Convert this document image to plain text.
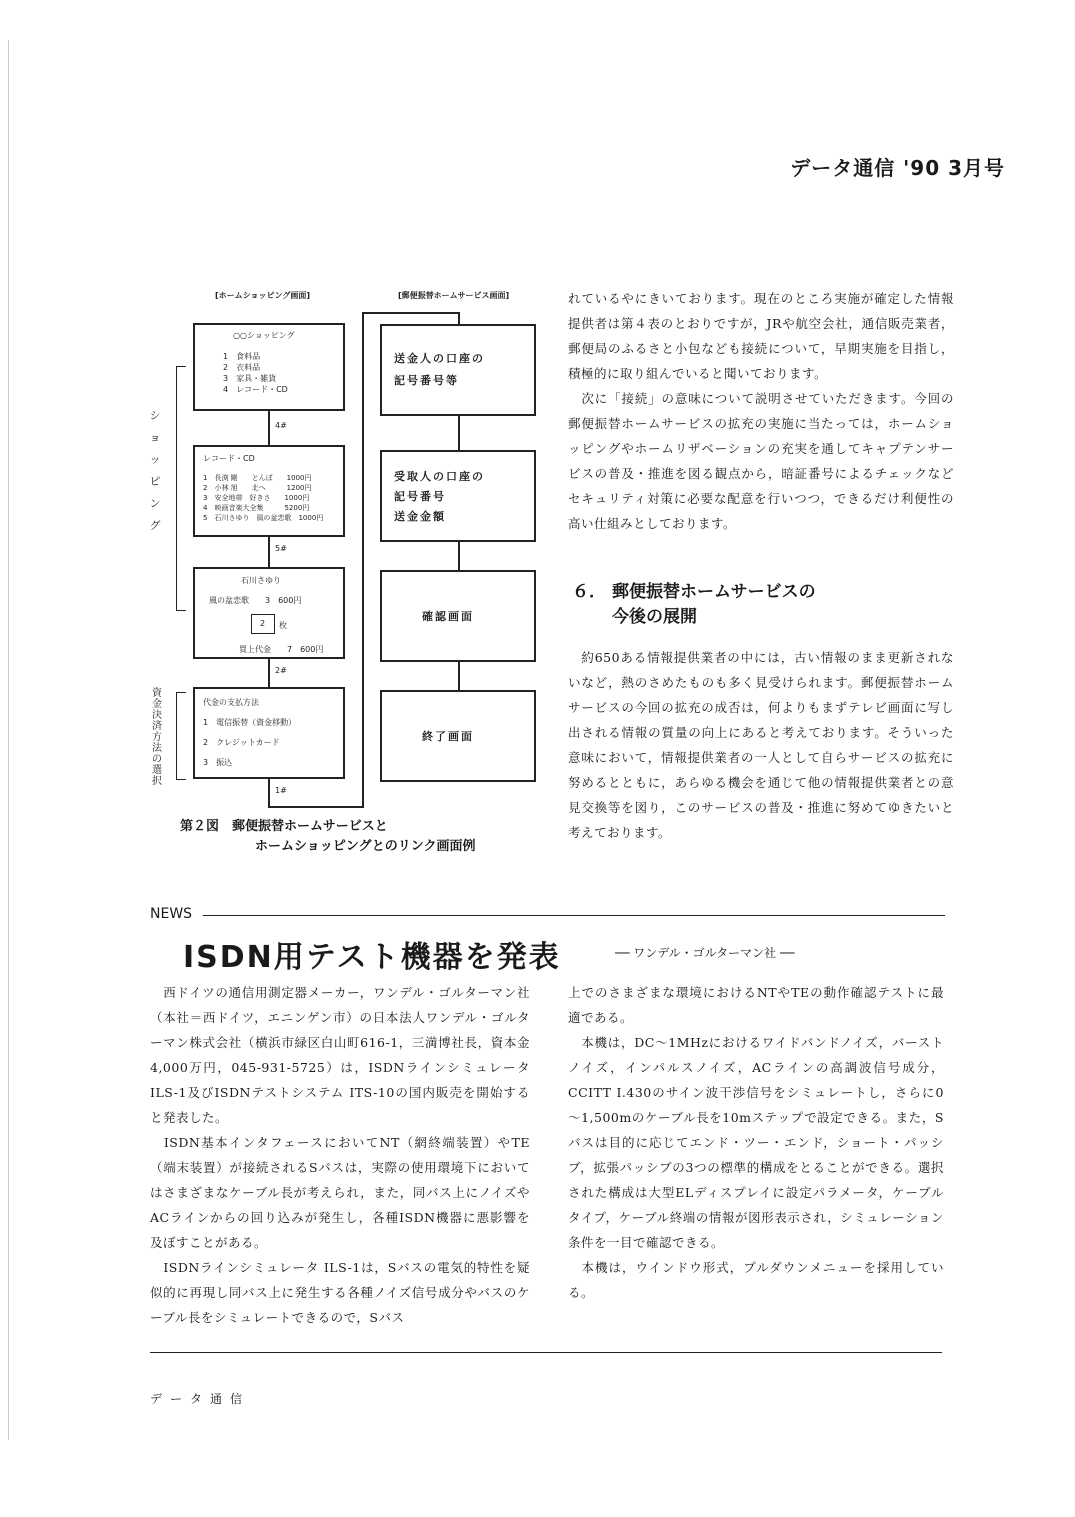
データ通信 '90 3月号
[ホームショッピング画面]	[郵便振替ホームサービス画面]
○○ショッピング
1　食料品
2　衣料品
3　家具・雑貨
4　レコード・CD
4#
レコード・CD
1　長渕 剛　　とんぼ　　1000円
2　小林 旭　　北へ　　　1200円
3　安全地帯　好きさ　　1000円
4　映画音楽大全集　　　5200円
5　石川さゆり　風の盆恋歌　1000円
5#
石川さゆり
風の盆恋歌　　3　600円
2 枚
買上代金　　7　600円
2#
代金の支払方法
1　電信振替（資金移動）
2　クレジットカード
3　振込
1#
送金人の口座の
記号番号等
受取人の口座の
記号番号
送金金額
確認画面
終了画面
ショッピング
資金決済方法の選択
第２図　郵便振替ホームサービスと
ホームショッピングとのリンク画面例

れているやにきいております。現在のところ実施が確定した情報提供者は第４表のとおりですが，JRや航空会社，通信販売業者，郵便局のふるさと小包なども接続について，早期実施を目指し，積極的に取り組んでいると聞いております。

　次に「接続」の意味について説明させていただきます。今回の郵便振替ホームサービスの拡充の実施に当たっては，ホームショッピングやホームリザベーションの充実を通してキャプテンサービスの普及・推進を図る観点から，暗証番号によるチェックなどセキュリティ対策に必要な配意を行いつつ，できるだけ利便性の高い仕組みとしております。

６． 郵便振替ホームサービスの
今後の展開

　約650ある情報提供業者の中には，古い情報のまま更新されないなど，熱のさめたものも多く見受けられます。郵便振替ホームサービスの今回の拡充の成否は，何よりもまずテレビ画面に写し出される情報の質量の向上にあると考えております。そういった意味において，情報提供業者の一人として自らサービスの拡充に努めるとともに，あらゆる機会を通じて他の情報提供業者との意見交換等を図り，このサービスの普及・推進に努めてゆきたいと考えております。

NEWS
ISDN用テスト機器を発表	── ワンデル・ゴルターマン社 ──

　西ドイツの通信用測定器メーカー，ワンデル・ゴルターマン社（本社＝西ドイツ，エニンゲン市）の日本法人ワンデル・ゴルターマン株式会社（横浜市緑区白山町616-1，三満博社長，資本金4,000万円，045-931-5725）は，ISDNラインシミュレータ ILS-1及びISDNテストシステム ITS-10の国内販売を開始すると発表した。

　ISDN基本インタフェースにおいてNT（網終端装置）やTE（端末装置）が接続されるSバスは，実際の使用環境下においてはさまざまなケーブル長が考えられ，また，同バス上にノイズやACラインからの回り込みが発生し，各種ISDN機器に悪影響を及ぼすことがある。

　ISDNラインシミュレータ ILS-1は，Sバスの電気的特性を疑似的に再現し同バス上に発生する各種ノイズ信号成分やバスのケーブル長をシミュレートできるので，Sバス

上でのさまざまな環境におけるNTやTEの動作確認テストに最適である。

　本機は，DC～1MHzにおけるワイドバンドノイズ，バーストノイズ，インパルスノイズ，ACラインの高調波信号成分，CCITT I.430のサイン波干渉信号をシミュレートし，さらに0～1,500mのケーブル長を10mステップで設定できる。また，Sバスは目的に応じてエンド・ツー・エンド，ショート・パッシブ，拡張パッシブの3つの標準的構成をとることができる。選択された構成は大型ELディスプレイに設定パラメータ，ケーブルタイプ，ケーブル終端の情報が図形表示され，シミュレーション条件を一目で確認できる。

　本機は，ウインドウ形式，プルダウンメニューを採用している。

データ通信
